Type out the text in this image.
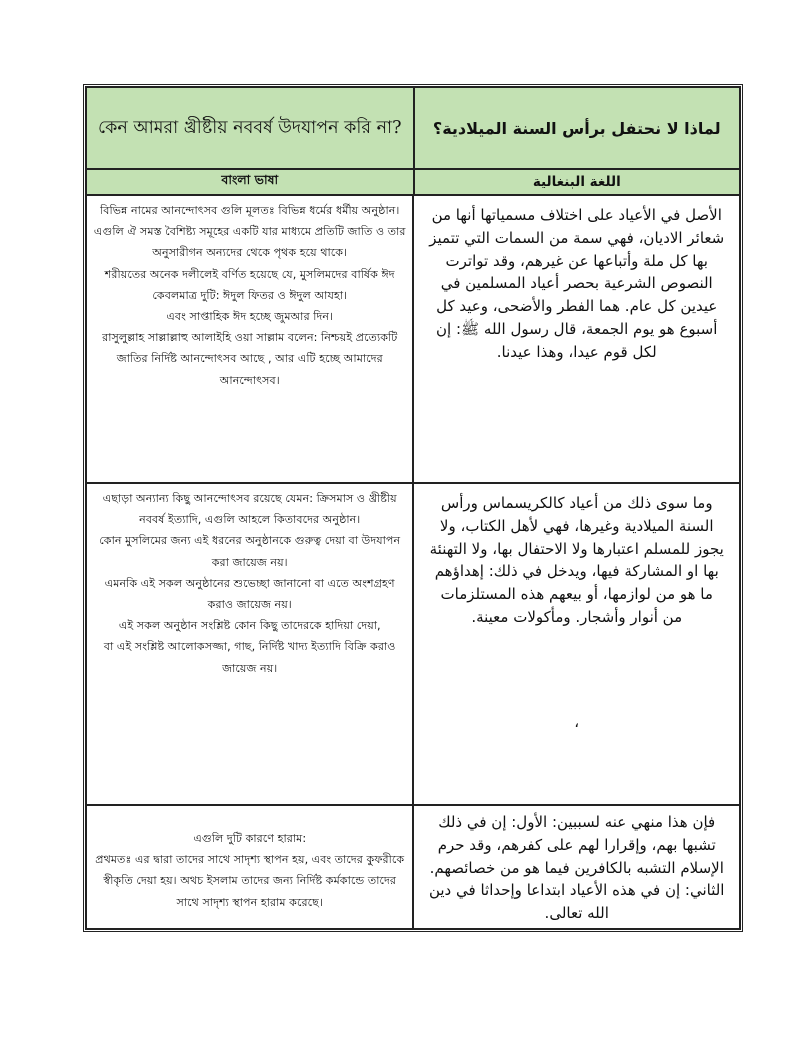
কেন আমরা খ্রীষ্টীয় নববর্ষ উদযাপন করি না?	لماذا لا نحتفل برأس السنة الميلادية؟
বাংলা ভাষা	اللغة البنغالية

বিভিন্ন নামের আনন্দোৎসব গুলি মূলতঃ বিভিন্ন ধর্মের ধর্মীয় অনুষ্ঠান।

এগুলি ঐ সমস্ত বৈশিষ্ট্য সমূহের একটি যার মাধ্যমে প্রতিটি জাতি ও তার অনুসারীগন অন্যদের থেকে পৃথক হয়ে থাকে।

শরীয়তের অনেক দলীলেই বর্ণিত হয়েছে যে, মুসলিমদের বার্ষিক ঈদ কেবলমাত্র দুটি: ঈদুল ফিতর ও ঈদুল আযহা।

এবং সাপ্তাহিক ঈদ হচ্ছে জুমআর দিন।

রাসুলুল্লাহ সাল্লাল্লাহু আলাইহি ওয়া সাল্লাম বলেন: নিশ্চয়ই প্রত্যেকটি জাতির নির্দিষ্ট আনন্দোৎসব আছে , আর এটি হচ্ছে আমাদের আনন্দোৎসব।

الأصل في الأعياد على اختلاف مسمياتها أنها من شعائر الاديان، فهي سمة من السمات التي تتميز بها كل ملة وأتباعها عن غيرهم، وقد تواترت النصوص الشرعية بحصر أعياد المسلمين في عيدين كل عام. هما الفطر والأضحى، وعيد كل أسبوع هو يوم الجمعة، قال رسول الله ﷺ: إن لكل قوم عيدا، وهذا عيدنا.

এছাড়া অন্যান্য কিছু আনন্দোৎসব রয়েছে যেমন: ক্রিসমাস ও খ্রীষ্টীয় নববর্ষ ইত্যাদি, এগুলি আহলে কিতাবদের অনুষ্ঠান।

কোন মুসলিমের জন্য এই ধরনের অনুষ্ঠানকে গুরুত্ব দেয়া বা উদযাপন করা জায়েজ নয়।

এমনকি এই সকল অনুষ্ঠানের শুভেচ্ছা জানানো বা এতে অংশগ্রহণ করাও জায়েজ নয়।

এই সকল অনুষ্ঠান সংশ্লিষ্ট কোন কিছু তাদেরকে হাদিয়া দেয়া,

বা এই সংশ্লিষ্ট আলোকসজ্জা, গাছ, নির্দিষ্ট খাদ্য ইত্যাদি বিক্রি করাও জায়েজ নয়।

وما سوى ذلك من أعياد كالكريسماس ورأس السنة الميلادية وغيرها، فهي لأهل الكتاب، ولا يجوز للمسلم اعتبارها ولا الاحتفال بها، ولا التهنئة بها او المشاركة فيها، ويدخل في ذلك: إهداؤهم ما هو من لوازمها، أو بيعهم هذه المستلزمات من أنوار وأشجار. ومأكولات معينة.

،

এগুলি দুটি কারণে হারাম:

প্রথমতঃ এর দ্বারা তাদের সাথে সাদৃশ্য স্থাপন হয়, এবং তাদের কুফরীকে স্বীকৃতি দেয়া হয়। অথচ ইসলাম তাদের জন্য নির্দিষ্ট কর্মকান্ডে তাদের সাথে সাদৃশ্য স্থাপন হারাম করেছে।

فإن هذا منهي عنه لسببين: الأول: إن في ذلك تشبها بهم، وإقرارا لهم على كفرهم، وقد حرم الإسلام التشبه بالكافرين فيما هو من خصائصهم. الثاني: إن في هذه الأعياد ابتداعا وإحداثا في دين الله تعالى.
